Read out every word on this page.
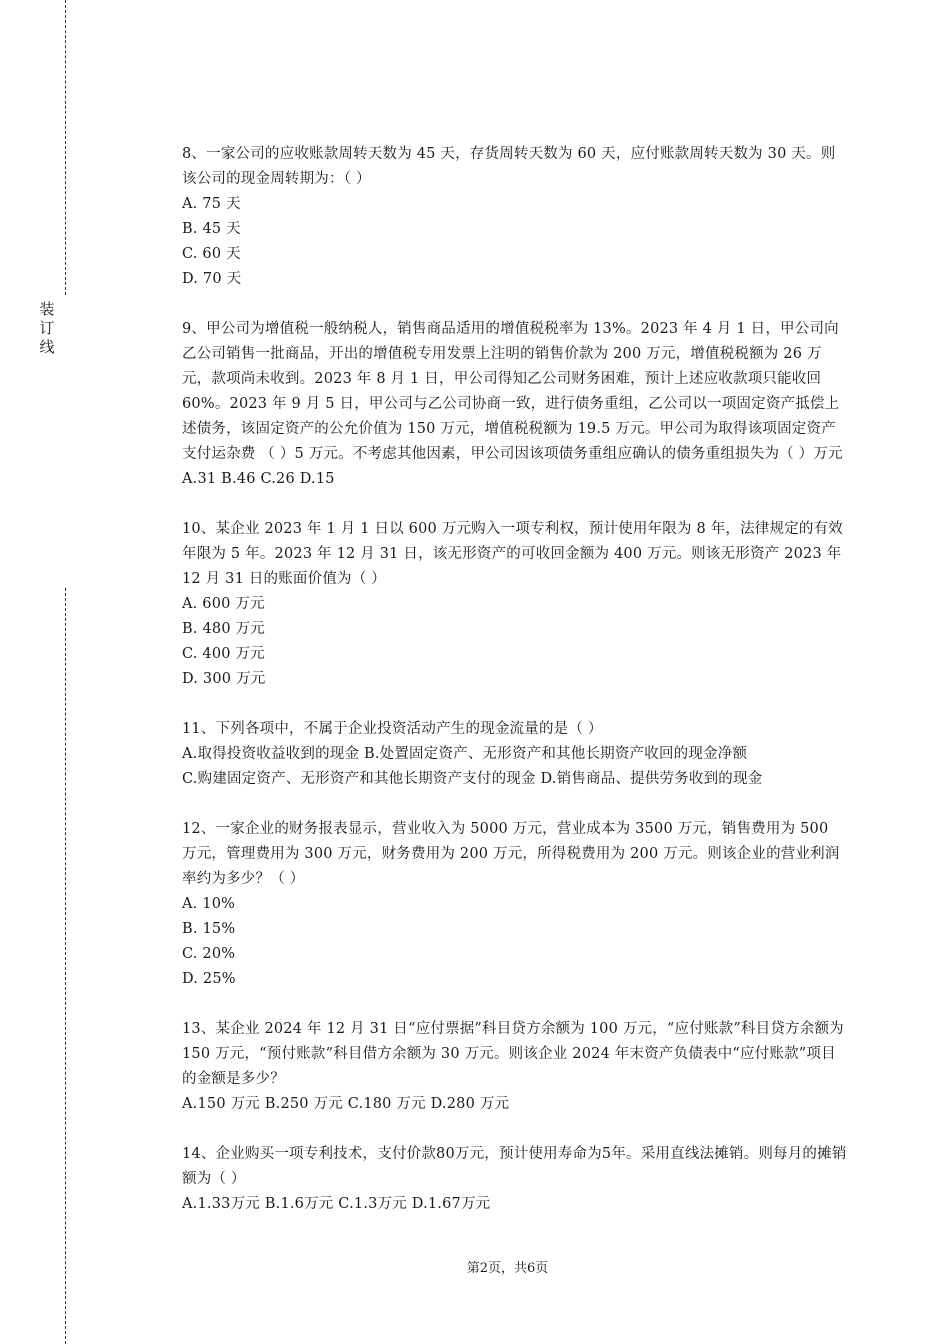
装
订
线

8、一家公司的应收账款周转天数为 45 天，存货周转天数为 60 天，应付账款周转天数为 30 天。则该公司的现金周转期为：（ ）

A. 75 天

B. 45 天

C. 60 天

D. 70 天

9、甲公司为增值税一般纳税人，销售商品适用的增值税税率为 13%。2023 年 4 月 1 日，甲公司向乙公司销售一批商品，开出的增值税专用发票上注明的销售价款为 200 万元，增值税税额为 26 万元，款项尚未收到。2023 年 8 月 1 日，甲公司得知乙公司财务困难，预计上述应收款项只能收回 60%。2023 年 9 月 5 日，甲公司与乙公司协商一致，进行债务重组，乙公司以一项固定资产抵偿上述债务，该固定资产的公允价值为 150 万元，增值税税额为 19.5 万元。甲公司为取得该项固定资产支付运杂费 （ ）5 万元。不考虑其他因素，甲公司因该项债务重组应确认的债务重组损失为（ ）万元

A.31 B.46 C.26 D.15

10、某企业 2023 年 1 月 1 日以 600 万元购入一项专利权，预计使用年限为 8 年，法律规定的有效年限为 5 年。2023 年 12 月 31 日，该无形资产的可收回金额为 400 万元。则该无形资产 2023 年 12 月 31 日的账面价值为（ ）

A. 600 万元

B. 480 万元

C. 400 万元

D. 300 万元

11、下列各项中，不属于企业投资活动产生的现金流量的是（ ）

A.取得投资收益收到的现金 B.处置固定资产、无形资产和其他长期资产收回的现金净额

C.购建固定资产、无形资产和其他长期资产支付的现金 D.销售商品、提供劳务收到的现金

12、一家企业的财务报表显示，营业收入为 5000 万元，营业成本为 3500 万元，销售费用为 500 万元，管理费用为 300 万元，财务费用为 200 万元，所得税费用为 200 万元。则该企业的营业利润率约为多少？（ ）

A. 10%

B. 15%

C. 20%

D. 25%

13、某企业 2024 年 12 月 31 日“应付票据”科目贷方余额为 100 万元，“应付账款”科目贷方余额为 150 万元，“预付账款”科目借方余额为 30 万元。则该企业 2024 年末资产负债表中“应付账款”项目的金额是多少？

A.150 万元 B.250 万元 C.180 万元 D.280 万元

14、企业购买一项专利技术，支付价款80万元，预计使用寿命为5年。采用直线法摊销。则每月的摊销额为（ ）

A.1.33万元 B.1.6万元 C.1.3万元 D.1.67万元

第2页，共6页
